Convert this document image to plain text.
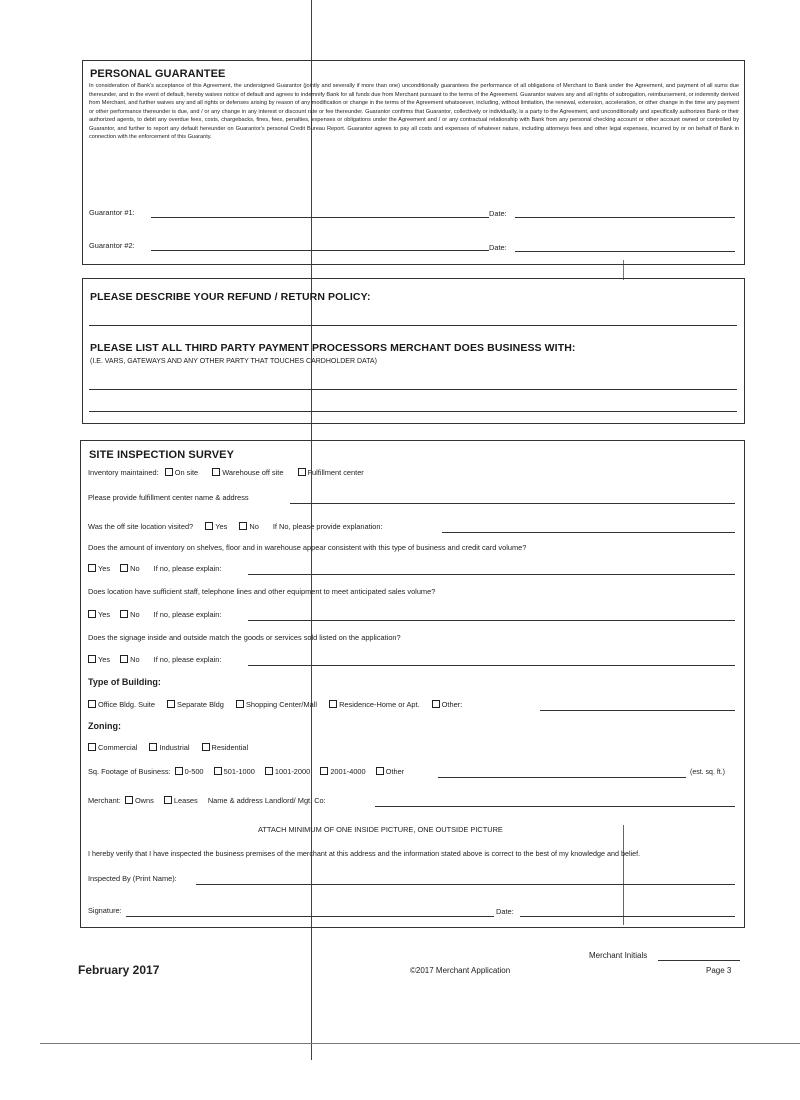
PERSONAL GUARANTEE
In consideration of Bank's acceptance of this Agreement, the undersigned Guarantor (jointly and severally if more than one) unconditionally guarantees the performance of all obligations of Merchant to Bank under the Agreement, and payment of all sums due thereunder, and in the event of default, hereby waives notice of default and agrees to indemnify Bank for all funds due from Merchant pursuant to the terms of the Agreement. Guarantor waives any and all rights of subrogation, reimbursement, or indemnity derived from Merchant, and further waives any and all rights or defenses arising by reason of any modification or change in the terms of the Agreement whatsoever, including, without limitation, the renewal, extension, acceleration, or other change in the time any payment or other performance thereunder is due, and / or any change in any interest or discount rate or fee thereunder. Guarantor confirms that Guarantor, collectively or individually, is a party to the Agreement, and unconditionally and specifically authorizes Bank or their authorized agents, to debit any overdue fees, costs, chargebacks, fines, fees, penalties, expenses or obligations under the Agreement and / or any contractual relationship with Bank from any personal checking account or other account owned or controlled by Guarantor, and further to report any default hereunder on Guarantor's personal Credit Bureau Report. Guarantor agrees to pay all costs and expenses of whatever nature, including attorneys fees and other legal expenses, incurred by or on behalf of Bank in connection with the enforcement of this Guaranty.
Guarantor #1:	Date:
Guarantor #2:	Date:
PLEASE DESCRIBE YOUR REFUND / RETURN POLICY:
PLEASE LIST ALL THIRD PARTY PAYMENT PROCESSORS MERCHANT DOES BUSINESS WITH:
(I.E. VARS, GATEWAYS AND ANY OTHER PARTY THAT TOUCHES CARDHOLDER DATA)
SITE INSPECTION SURVEY
Inventory maintained: On site	Warehouse off site	Fulfillment center
Please provide fulfillment center name & address
Was the off site location visited?	Yes	No If No, please provide explanation:
Does the amount of inventory on shelves, floor and in warehouse appear consistent with this type of business and credit card volume?
Yes	No If no, please explain:
Does location have sufficient staff, telephone lines and other equipment to meet anticipated sales volume?
Yes	No If no, please explain:
Does the signage inside and outside match the goods or services sold listed on the application?
Yes	No If no, please explain:
Type of Building:
Office Bldg. Suite	Separate Bldg	Shopping Center/Mall	Residence-Home or Apt.	Other:
Zoning:
Commercial	Industrial	Residential
Sq. Footage of Business: 0-500	501-1000	1001-2000	2001-4000	Other	(est. sq. ft.)
Merchant: Owns	Leases Name & address Landlord/ Mgt. Co:
ATTACH MINIMUM OF ONE INSIDE PICTURE, ONE OUTSIDE PICTURE
I hereby verify that I have inspected the business premises of the merchant at this address and the information stated above is correct to the best of my knowledge and belief.
Inspected By (Print Name):
Signature:	Date:
Merchant Initials
February 2017	©2017 Merchant Application	Page 3
